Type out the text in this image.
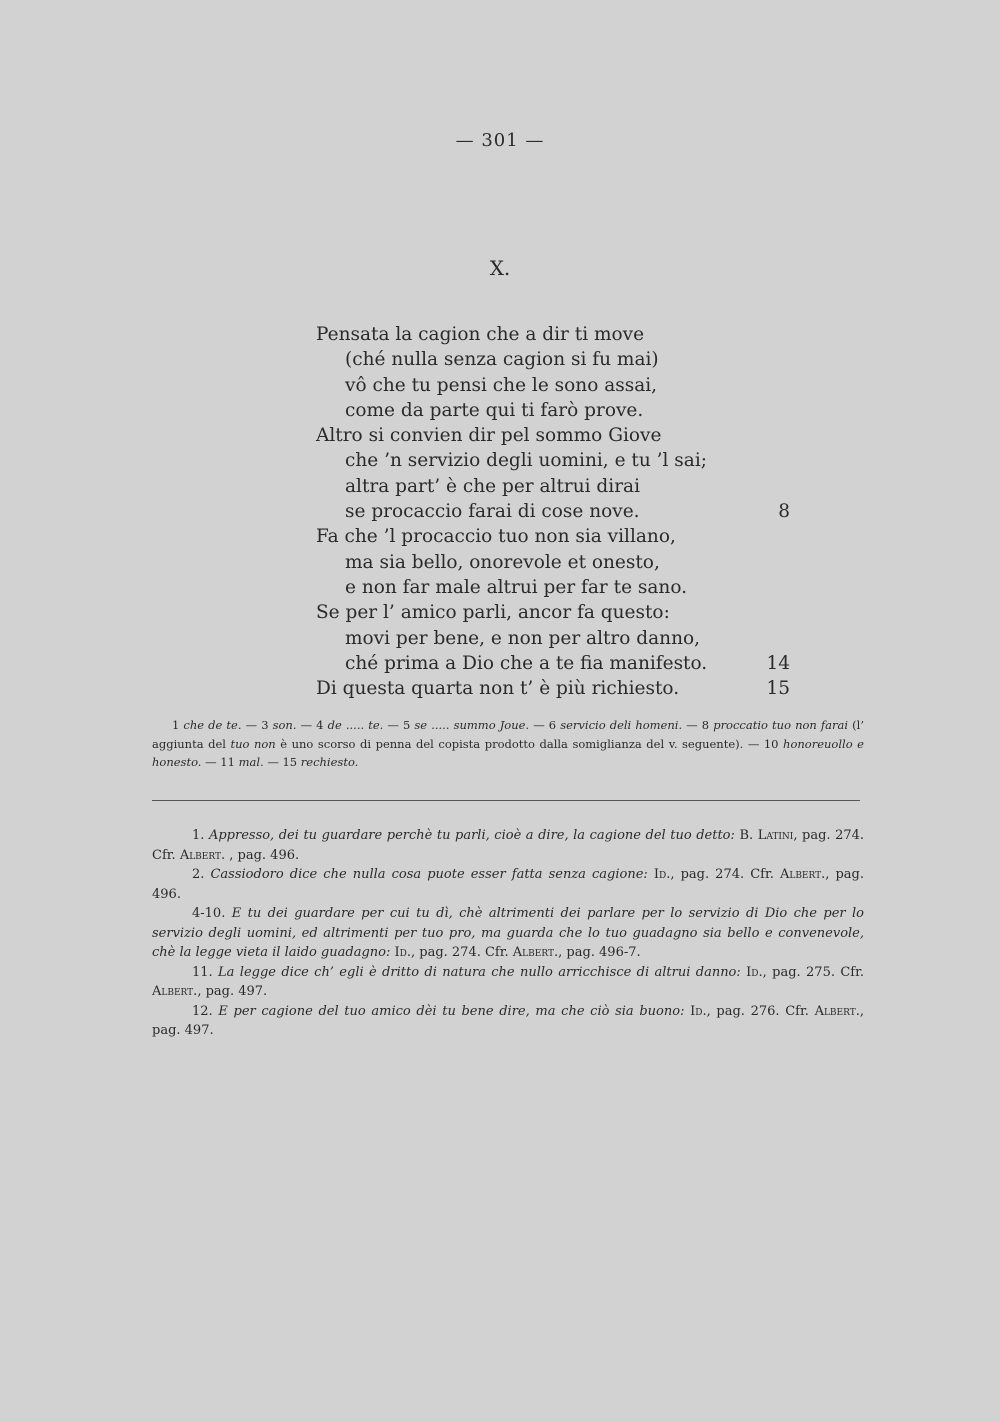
— 301 —
X.
Pensata la cagion che a dir ti move
(ché nulla senza cagion si fu mai)
vô che tu pensi che le sono assai,
come da parte qui ti farò prove.
Altro si convien dir pel sommo Giove
che ’n servizio degli uomini, e tu ’l sai;
altra part’ è che per altrui dirai
se procaccio farai di cose nove.	8
Fa che ’l procaccio tuo non sia villano,
ma sia bello, onorevole et onesto,
e non far male altrui per far te sano.
Se per l’ amico parli, ancor fa questo:
movi per bene, e non per altro danno,
ché prima a Dio che a te fia manifesto.	14
Di questa quarta non t’ è più richiesto.	15
1 che de te. — 3 son. — 4 de ..... te. — 5 se ..... summo Joue. — 6 servicio deli homeni. — 8 proccatio tuo non farai (l’ aggiunta del tuo non è uno scorso di penna del copista prodotto dalla somiglianza del v. seguente). — 10 honoreuollo e honesto. — 11 mal. — 15 rechiesto.

1. Appresso, dei tu guardare perchè tu parli, cioè a dire, la cagione del tuo detto: B. Latini, pag. 274. Cfr. Albert. , pag. 496.

2. Cassiodoro dice che nulla cosa puote esser fatta senza cagione: Id., pag. 274. Cfr. Albert., pag. 496.

4-10. E tu dei guardare per cui tu dì, chè altrimenti dei parlare per lo servizio di Dio che per lo servizio degli uomini, ed altrimenti per tuo pro, ma guarda che lo tuo guadagno sia bello e convenevole, chè la legge vieta il laido guadagno: Id., pag. 274. Cfr. Albert., pag. 496-7.

11. La legge dice ch’ egli è dritto di natura che nullo arricchisce di altrui danno: Id., pag. 275. Cfr. Albert., pag. 497.

12. E per cagione del tuo amico dèi tu bene dire, ma che ciò sia buono: Id., pag. 276. Cfr. Albert., pag. 497.
